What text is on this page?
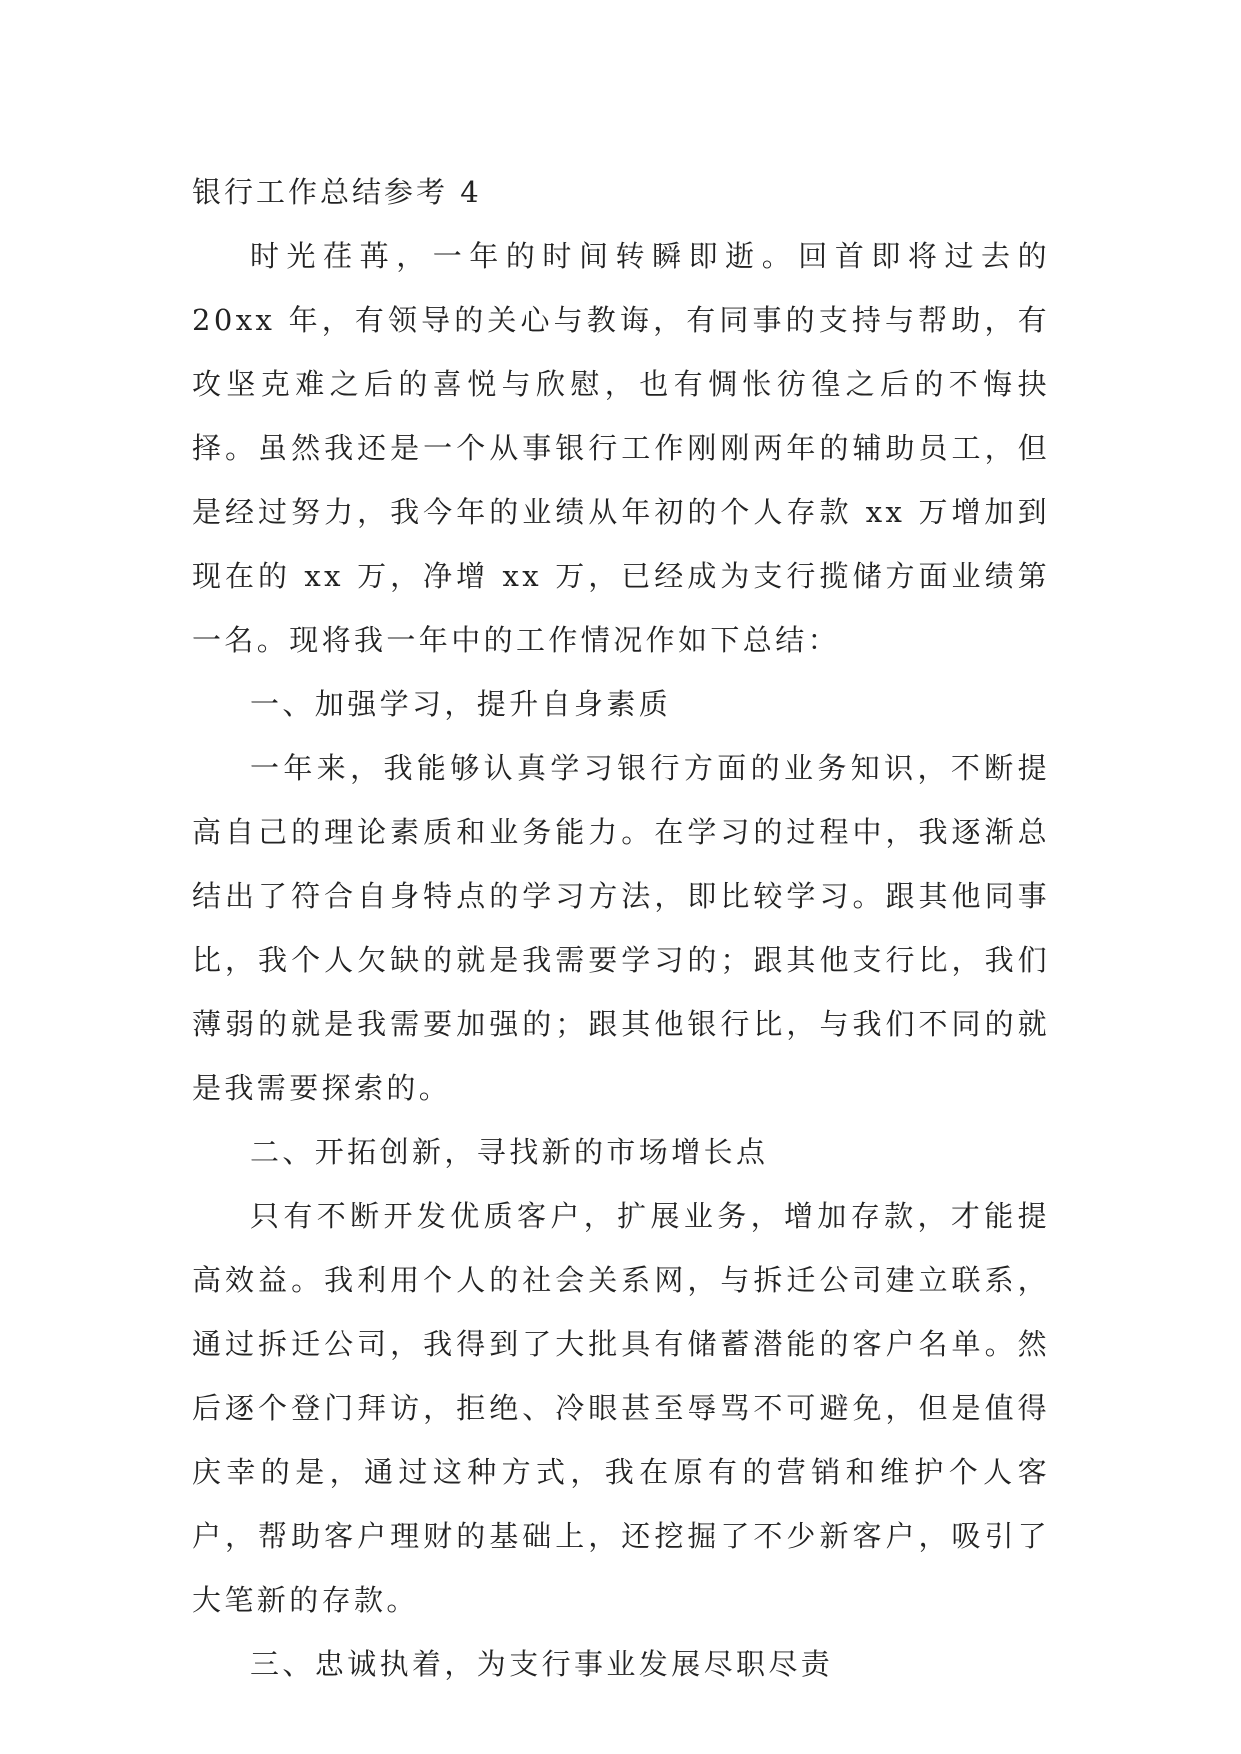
银行工作总结参考 4

时光荏苒，一年的时间转瞬即逝。回首即将过去的 20xx 年，有领导的关心与教诲，有同事的支持与帮助，有攻坚克难之后的喜悦与欣慰，也有惆怅彷徨之后的不悔抉择。虽然我还是一个从事银行工作刚刚两年的辅助员工，但是经过努力，我今年的业绩从年初的个人存款 xx 万增加到现在的 xx 万，净增 xx 万，已经成为支行揽储方面业绩第一名。现将我一年中的工作情况作如下总结：

一、加强学习，提升自身素质

一年来，我能够认真学习银行方面的业务知识，不断提高自己的理论素质和业务能力。在学习的过程中，我逐渐总结出了符合自身特点的学习方法，即比较学习。跟其他同事比，我个人欠缺的就是我需要学习的；跟其他支行比，我们薄弱的就是我需要加强的；跟其他银行比，与我们不同的就是我需要探索的。

二、开拓创新，寻找新的市场增长点

只有不断开发优质客户，扩展业务，增加存款，才能提高效益。我利用个人的社会关系网，与拆迁公司建立联系，通过拆迁公司，我得到了大批具有储蓄潜能的客户名单。然后逐个登门拜访，拒绝、冷眼甚至辱骂不可避免，但是值得庆幸的是，通过这种方式，我在原有的营销和维护个人客户，帮助客户理财的基础上，还挖掘了不少新客户，吸引了大笔新的存款。

三、忠诚执着，为支行事业发展尽职尽责
